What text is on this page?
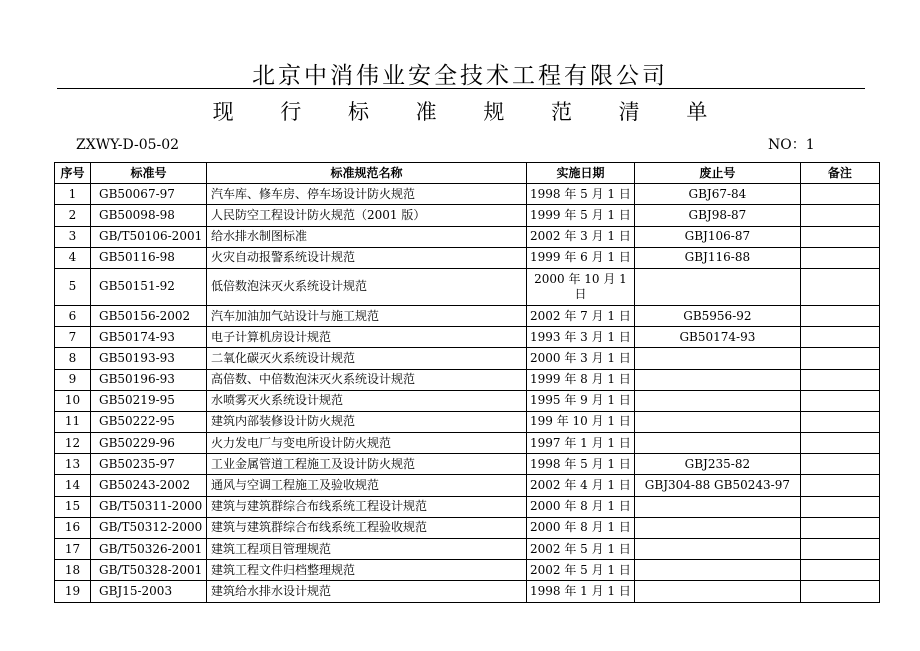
北京中消伟业安全技术工程有限公司
现 行 标 准 规 范 清 单
ZXWY-D-05-02	NO：1
序号	标准号	标准规范名称	实施日期	废止号	备注
1	GB50067-97	汽车库、修车房、停车场设计防火规范	1998 年 5 月 1 日	GBJ67-84	
2	GB50098-98	人民防空工程设计防火规范（2001 版）	1999 年 5 月 1 日	GBJ98-87	
3	GB/T50106-2001	给水排水制图标准	2002 年 3 月 1 日	GBJ106-87	
4	GB50116-98	火灾自动报警系统设计规范	1999 年 6 月 1 日	GBJ116-88	
5	GB50151-92	低倍数泡沫灭火系统设计规范	2000 年 10 月 1 日		
6	GB50156-2002	汽车加油加气站设计与施工规范	2002 年 7 月 1 日	GB5956-92	
7	GB50174-93	电子计算机房设计规范	1993 年 3 月 1 日	GB50174-93	
8	GB50193-93	二氧化碳灭火系统设计规范	2000 年 3 月 1 日		
9	GB50196-93	高倍数、中倍数泡沫灭火系统设计规范	1999 年 8 月 1 日		
10	GB50219-95	水喷雾灭火系统设计规范	1995 年 9 月 1 日		
11	GB50222-95	建筑内部装修设计防火规范	199 年 10 月 1 日		
12	GB50229-96	火力发电厂与变电所设计防火规范	1997 年 1 月 1 日		
13	GB50235-97	工业金属管道工程施工及设计防火规范	1998 年 5 月 1 日	GBJ235-82	
14	GB50243-2002	通风与空调工程施工及验收规范	2002 年 4 月 1 日	GBJ304-88 GB50243-97	
15	GB/T50311-2000	建筑与建筑群综合布线系统工程设计规范	2000 年 8 月 1 日		
16	GB/T50312-2000	建筑与建筑群综合布线系统工程验收规范	2000 年 8 月 1 日		
17	GB/T50326-2001	建筑工程项目管理规范	2002 年 5 月 1 日		
18	GB/T50328-2001	建筑工程文件归档整理规范	2002 年 5 月 1 日		
19	GBJ15-2003	建筑给水排水设计规范	1998 年 1 月 1 日		
